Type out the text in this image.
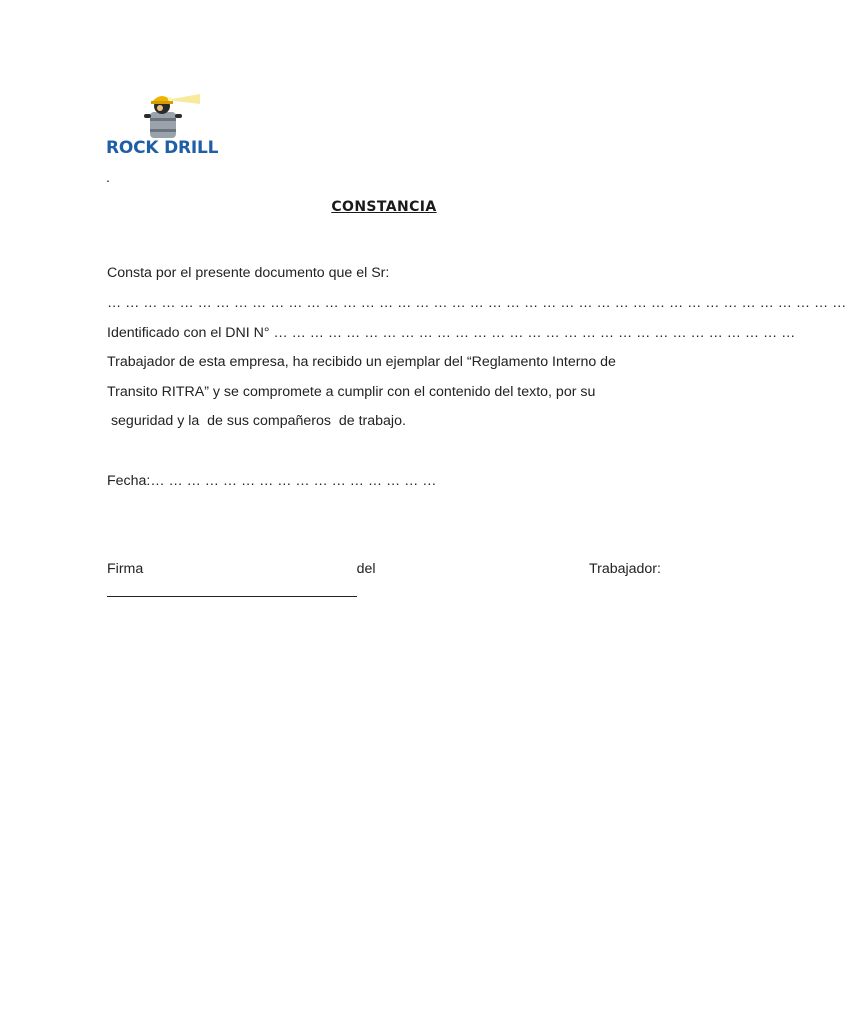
ROCK DRILL
.
CONSTANCIA
Consta por el presente documento que el Sr:
… … … … … … … … … … … … … … … … … … … … … … … … … … … … … … … … … … … … … … … … …
Identificado con el DNI N° … … … … … … … … … … … … … … … … … … … … … … … … … … … … …
Trabajador de esta empresa, ha recibido un ejemplar del “Reglamento Interno de
Transito RITRA” y se compromete a cumplir con el contenido del texto, por su
seguridad y la  de sus compañeros  de trabajo.
Fecha:… … … … … … … … … … … … … … … …
Firma	del	Trabajador:
